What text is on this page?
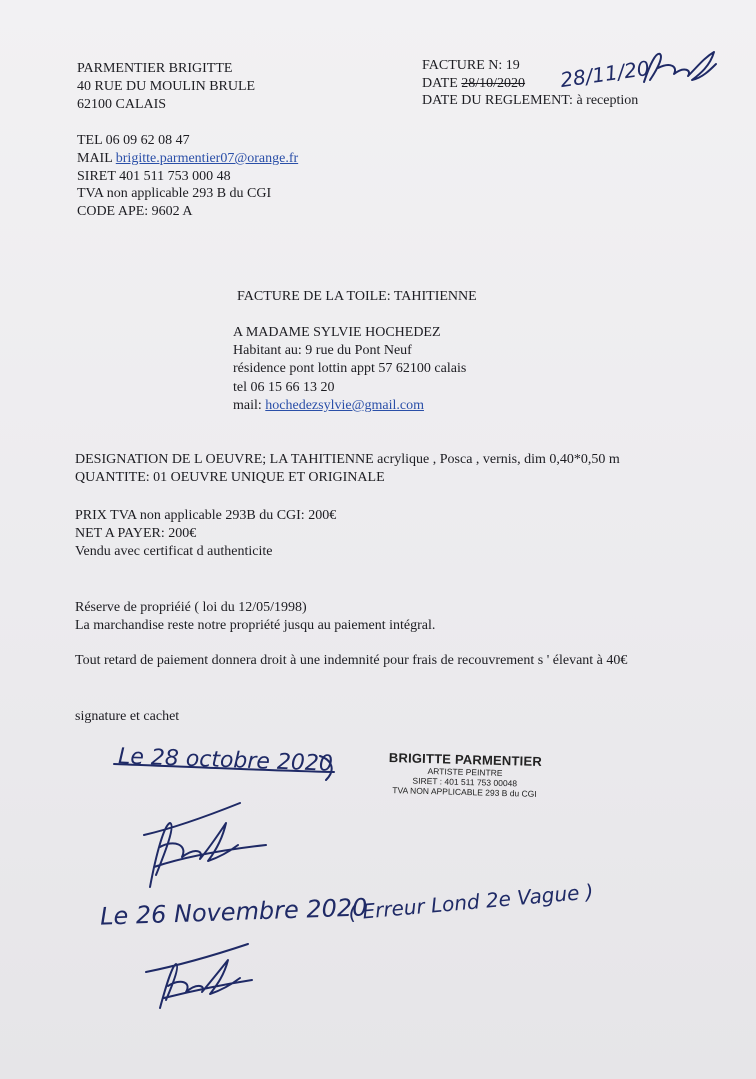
PARMENTIER BRIGITTE
40 RUE DU MOULIN BRULE
62100 CALAIS
TEL 06 09 62 08 47
MAIL brigitte.parmentier07@orange.fr
SIRET 401 511 753 000 48
TVA non applicable 293 B du CGI
CODE APE: 9602 A
FACTURE N: 19
DATE 28/10/2020
DATE DU REGLEMENT: à reception
28/11/20
FACTURE DE LA TOILE: TAHITIENNE
A MADAME SYLVIE HOCHEDEZ
Habitant au: 9 rue du Pont Neuf
résidence pont lottin appt 57 62100 calais
tel 06 15 66 13 20
mail: hochedezsylvie@gmail.com
DESIGNATION DE L OEUVRE; LA TAHITIENNE acrylique , Posca , vernis, dim 0,40*0,50 m
QUANTITE: 01 OEUVRE UNIQUE ET ORIGINALE
PRIX TVA non applicable 293B du CGI: 200€
NET A PAYER: 200€
Vendu avec certificat d authenticite
Réserve de propriéié ( loi du 12/05/1998)
La marchandise reste notre propriété jusqu au paiement intégral.
Tout retard de paiement donnera droit à une indemnité pour frais de recouvrement s ' élevant à 40€
signature et cachet
BRIGITTE PARMENTIER
ARTISTE PEINTRE
SIRET : 401 511 753 00048
TVA NON APPLICABLE 293 B du CGI
Le 28 octobre 2020
Le 26 Novembre 2020
( Erreur Lond 2e Vague )
